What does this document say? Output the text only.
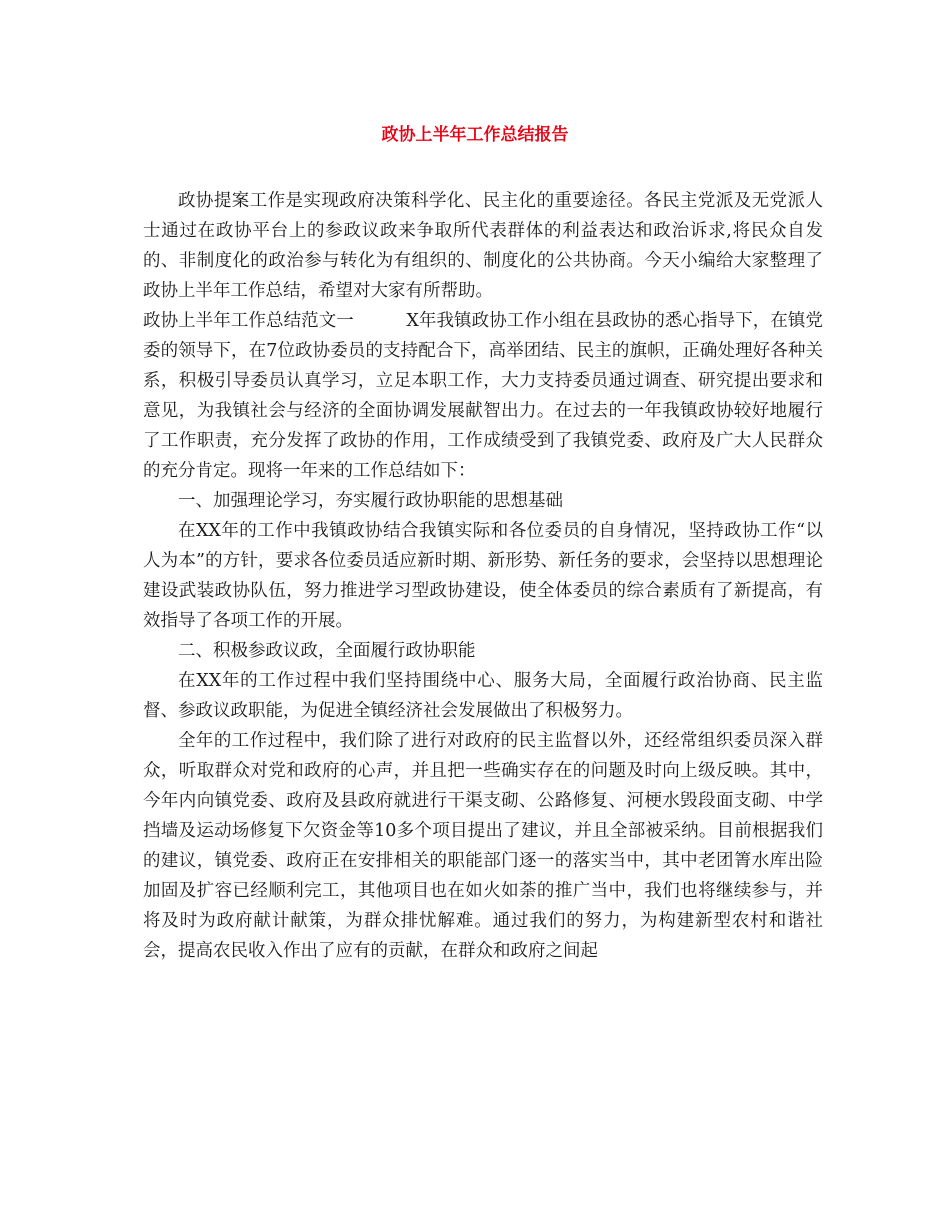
政协上半年工作总结报告

政协提案工作是实现政府决策科学化、民主化的重要途径。各民主党派及无党派人士通过在政协平台上的参政议政来争取所代表群体的利益表达和政治诉求,将民众自发的、非制度化的政治参与转化为有组织的、制度化的公共协商。今天小编给大家整理了政协上半年工作总结，希望对大家有所帮助。

政协上半年工作总结范文一	X年我镇政协工作小组在县政协的悉心指导下，在镇党委的领导下，在7位政协委员的支持配合下，高举团结、民主的旗帜，正确处理好各种关系，积极引导委员认真学习，立足本职工作，大力支持委员通过调查、研究提出要求和意见，为我镇社会与经济的全面协调发展献智出力。在过去的一年我镇政协较好地履行了工作职责，充分发挥了政协的作用，工作成绩受到了我镇党委、政府及广大人民群众的充分肯定。现将一年来的工作总结如下：

一、加强理论学习，夯实履行政协职能的思想基础

在XX年的工作中我镇政协结合我镇实际和各位委员的自身情况，坚持政协工作“以人为本”的方针，要求各位委员适应新时期、新形势、新任务的要求，会坚持以思想理论建设武装政协队伍，努力推进学习型政协建设，使全体委员的综合素质有了新提高，有效指导了各项工作的开展。

二、积极参政议政，全面履行政协职能

在XX年的工作过程中我们坚持围绕中心、服务大局，全面履行政治协商、民主监督、参政议政职能，为促进全镇经济社会发展做出了积极努力。

全年的工作过程中，我们除了进行对政府的民主监督以外，还经常组织委员深入群众，听取群众对党和政府的心声，并且把一些确实存在的问题及时向上级反映。其中，今年内向镇党委、政府及县政府就进行干渠支砌、公路修复、河梗水毁段面支砌、中学挡墙及运动场修复下欠资金等10多个项目提出了建议，并且全部被采纳。目前根据我们的建议，镇党委、政府正在安排相关的职能部门逐一的落实当中，其中老团箐水库出险加固及扩容已经顺利完工，其他项目也在如火如荼的推广当中，我们也将继续参与，并将及时为政府献计献策，为群众排忧解难。通过我们的努力，为构建新型农村和谐社会，提高农民收入作出了应有的贡献，在群众和政府之间起
